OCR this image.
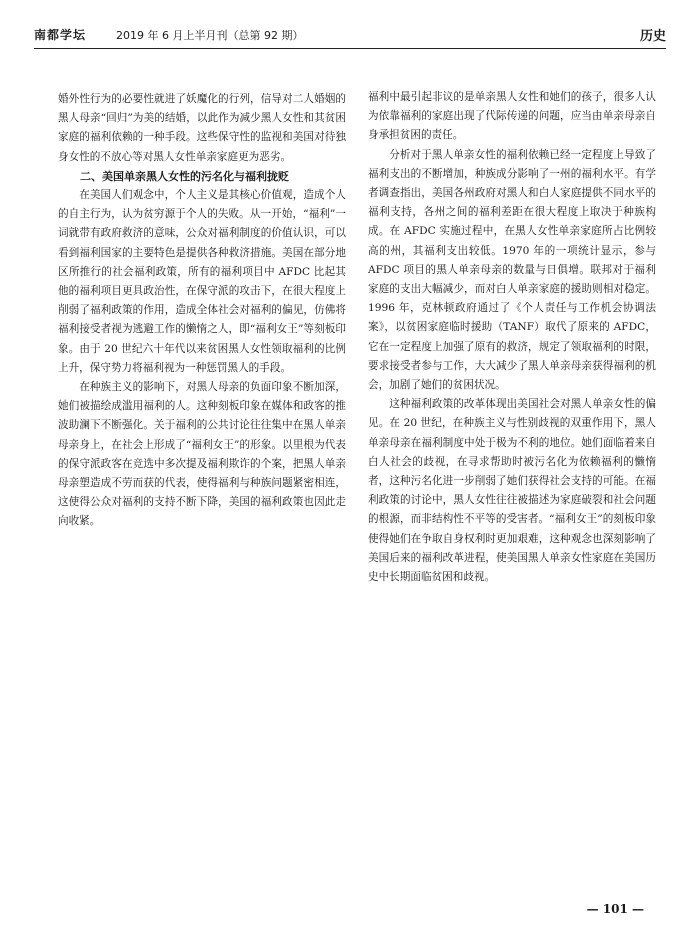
南都学坛	2019 年 6 月上半月刊（总第 92 期）	历史

婚外性行为的必要性就进了妖魔化的行列，信导对二人婚姻的黑人母亲“回归”为美的结婚，以此作为减少黑人女性和其贫困家庭的福利依赖的一种手段。这些保守性的监视和美国对待独身女性的不放心等对黑人女性单亲家庭更为恶劣。

二、美国单亲黑人女性的污名化与福利拢贬

在美国人们观念中，个人主义是其核心价值观，造成个人的自主行为，认为贫穷源于个人的失败。从一开始，“福利”一词就带有政府救济的意味，公众对福利制度的价值认识，可以看到福利国家的主要特色是提供各种救济措施。美国在部分地区所推行的社会福利政策，所有的福利项目中 AFDC 比起其他的福利项目更具政治性，在保守派的攻击下，在很大程度上削弱了福利政策的作用，造成全体社会对福利的偏见，仿佛将福利接受者视为逃避工作的懒惰之人，即“福利女王”等刻板印象。由于 20 世纪六十年代以来贫困黑人女性领取福利的比例上升，保守势力将福利视为一种惩罚黑人的手段。

在种族主义的影响下，对黑人母亲的负面印象不断加深，她们被描绘成滥用福利的人。这种刻板印象在媒体和政客的推波助澜下不断强化。关于福利的公共讨论往往集中在黑人单亲母亲身上，在社会上形成了“福利女王”的形象。以里根为代表的保守派政客在竞选中多次提及福利欺诈的个案，把黑人单亲母亲塑造成不劳而获的代表，使得福利与种族问题紧密相连，这使得公众对福利的支持不断下降，美国的福利政策也因此走向收紧。

福利中最引起非议的是单亲黑人女性和她们的孩子，很多人认为依靠福利的家庭出现了代际传递的问题，应当由单亲母亲自身承担贫困的责任。

分析对于黑人单亲女性的福利依赖已经一定程度上导致了福利支出的不断增加，种族成分影响了一州的福利水平。有学者调查指出，美国各州政府对黑人和白人家庭提供不同水平的福利支持，各州之间的福利差距在很大程度上取决于种族构成。在 AFDC 实施过程中，在黑人女性单亲家庭所占比例较高的州，其福利支出较低。1970 年的一项统计显示，参与 AFDC 项目的黑人单亲母亲的数量与日俱增。联邦对于福利家庭的支出大幅减少，而对白人单亲家庭的援助则相对稳定。1996 年，克林顿政府通过了《个人责任与工作机会协调法案》，以贫困家庭临时援助（TANF）取代了原来的 AFDC，它在一定程度上加强了原有的救济，规定了领取福利的时限，要求接受者参与工作，大大减少了黑人单亲母亲获得福利的机会，加剧了她们的贫困状况。

这种福利政策的改革体现出美国社会对黑人单亲女性的偏见。在 20 世纪，在种族主义与性别歧视的双重作用下，黑人单亲母亲在福利制度中处于极为不利的地位。她们面临着来自白人社会的歧视，在寻求帮助时被污名化为依赖福利的懒惰者，这种污名化进一步削弱了她们获得社会支持的可能。在福利政策的讨论中，黑人女性往往被描述为家庭破裂和社会问题的根源，而非结构性不平等的受害者。“福利女王”的刻板印象使得她们在争取自身权利时更加艰难，这种观念也深刻影响了美国后来的福利改革进程，使美国黑人单亲女性家庭在美国历史中长期面临贫困和歧视。

— 101 —
